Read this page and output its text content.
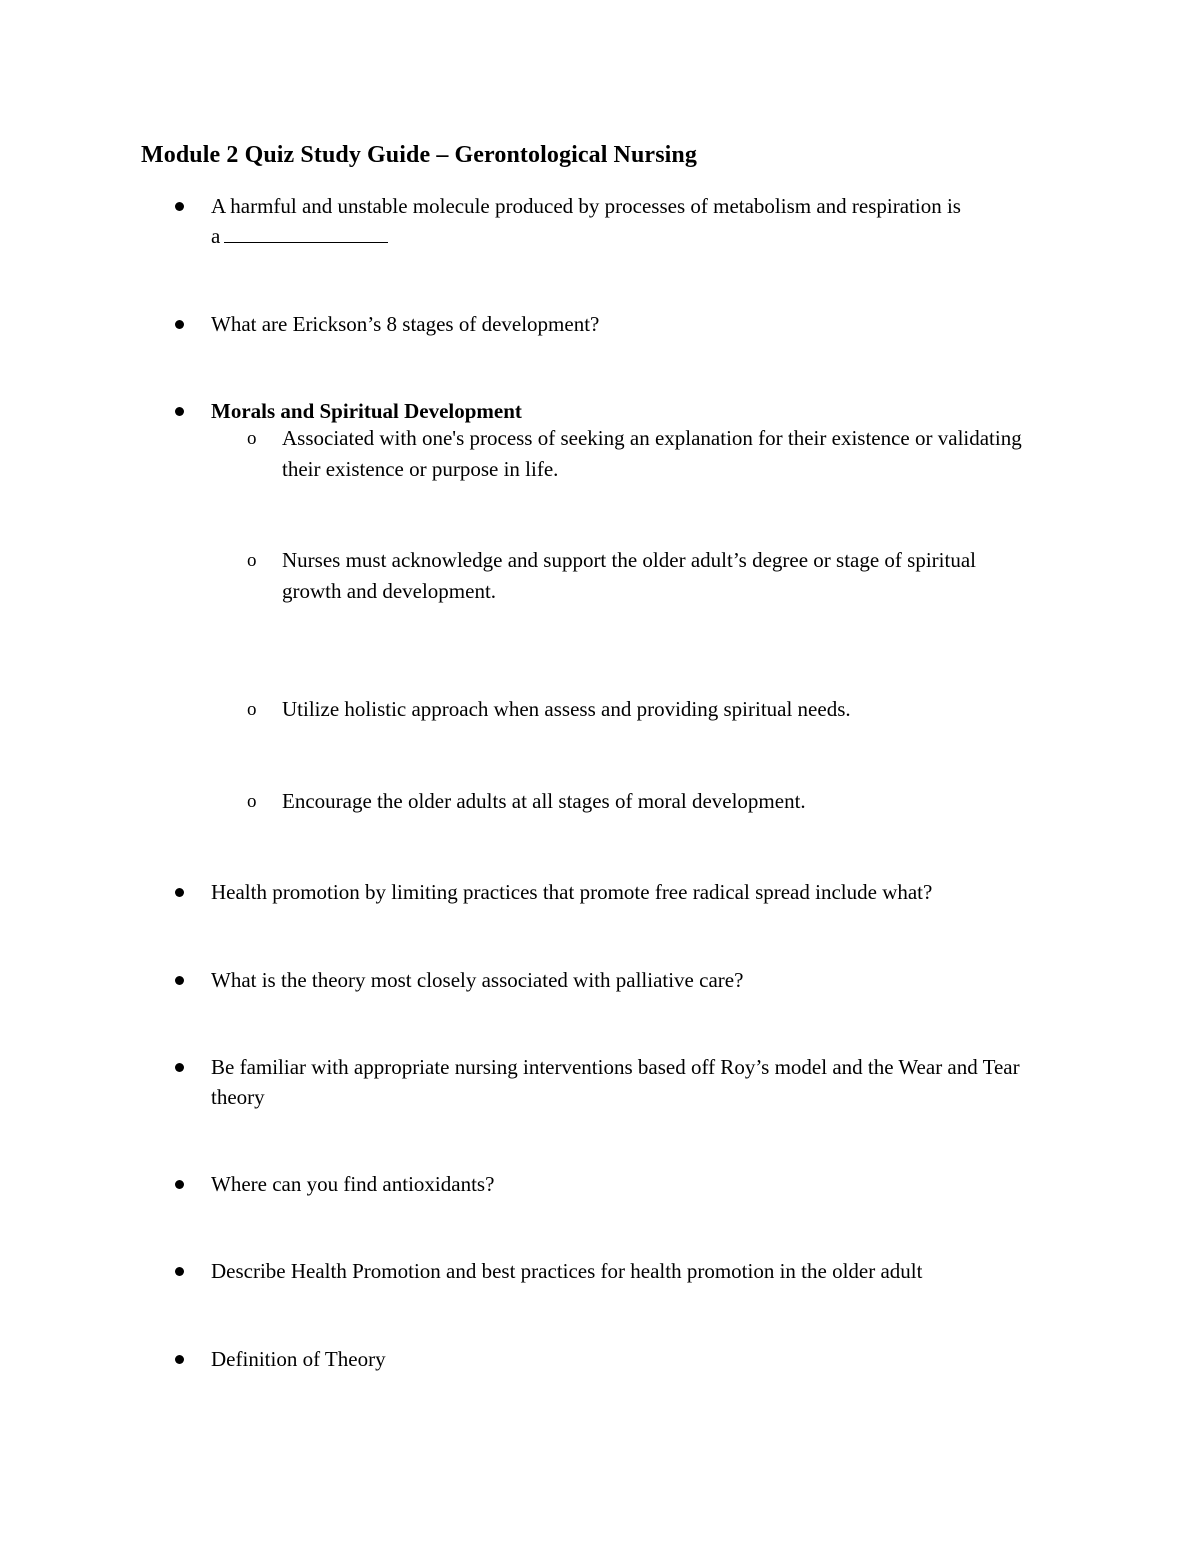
Module 2 Quiz Study Guide – Gerontological Nursing
A harmful and unstable molecule produced by processes of metabolism and respiration is
a
What are Erickson’s 8 stages of development?
Morals and Spiritual Development
o Associated with one's process of seeking an explanation for their existence or validating their existence or purpose in life.
o Nurses must acknowledge and support the older adult’s degree or stage of spiritual growth and development.
o Utilize holistic approach when assess and providing spiritual needs.
o Encourage the older adults at all stages of moral development.
Health promotion by limiting practices that promote free radical spread include what?
What is the theory most closely associated with palliative care?
Be familiar with appropriate nursing interventions based off Roy’s model and the Wear and Tear theory
Where can you find antioxidants?
Describe Health Promotion and best practices for health promotion in the older adult
Definition of Theory
